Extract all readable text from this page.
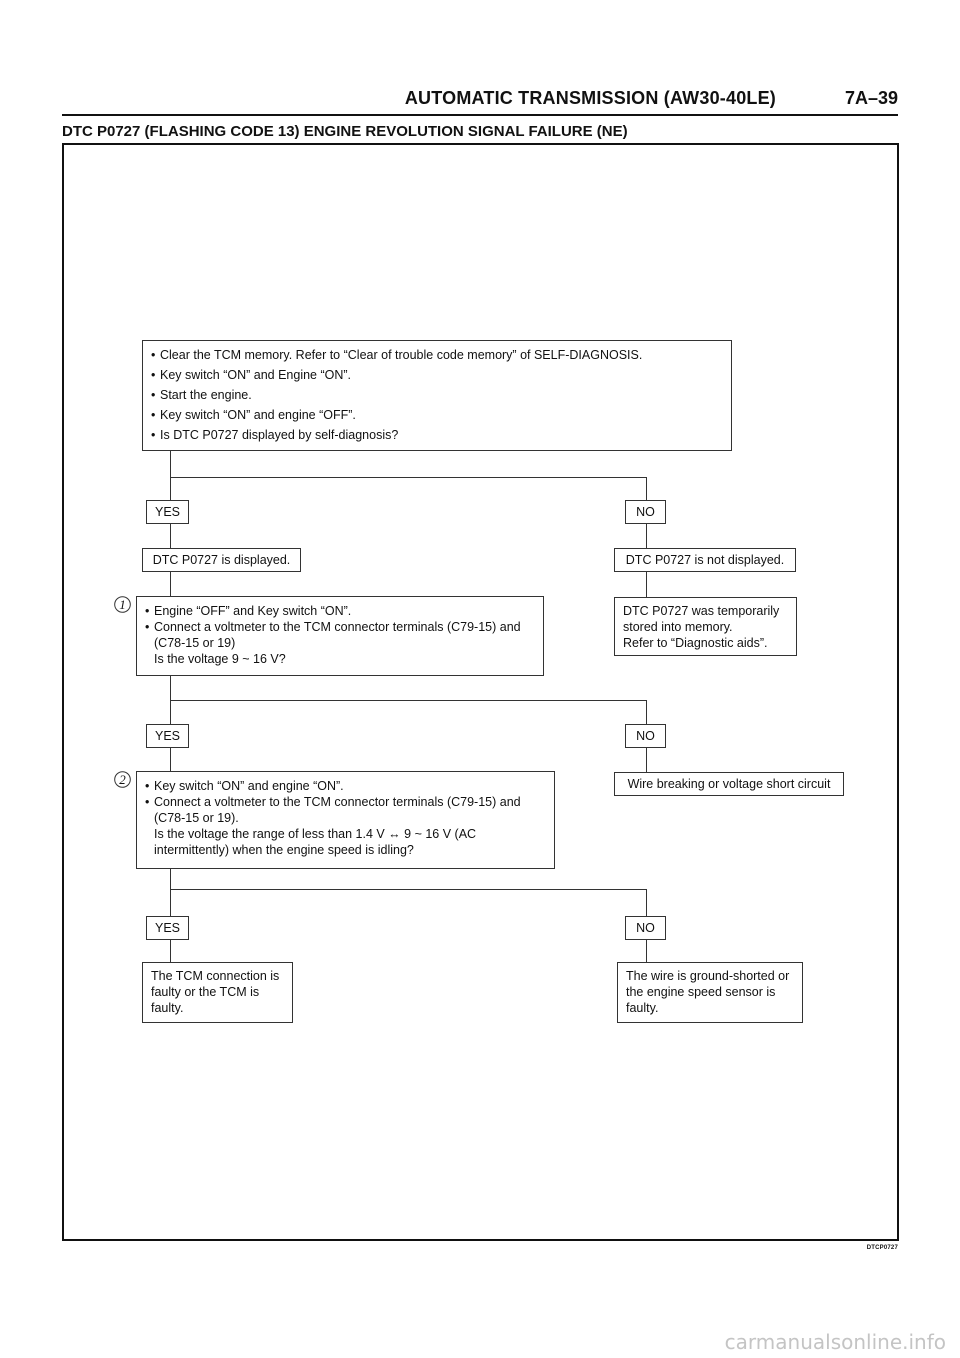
AUTOMATIC TRANSMISSION (AW30-40LE)	7A–39
DTC P0727 (FLASHING CODE 13) ENGINE REVOLUTION SIGNAL FAILURE (NE)
• Clear the TCM memory. Refer to “Clear of trouble code memory” of SELF-DIAGNOSIS.
• Key switch “ON” and Engine “ON”.
• Start the engine.
• Key switch “ON” and engine “OFF”.
• Is DTC P0727 displayed by self-diagnosis?
YES	NO
DTC P0727 is displayed.	DTC P0727 is not displayed.
1	• Engine “OFF” and Key switch “ON”.
• Connect a voltmeter to the TCM connector terminals (C79-15) and
(C78-15 or 19)
Is the voltage 9 ~ 16 V?
DTC P0727 was temporarily
stored into memory.
Refer to “Diagnostic aids”.
YES	NO
2	• Key switch “ON” and engine “ON”.
• Connect a voltmeter to the TCM connector terminals (C79-15) and
(C78-15 or 19).
Is the voltage the range of less than 1.4 V ↔ 9 ~ 16 V (AC
intermittently) when the engine speed is idling?
Wire breaking or voltage short circuit
YES	NO
The TCM connection is
faulty or the TCM is
faulty.
The wire is ground-shorted or
the engine speed sensor is
faulty.
DTCP0727
carmanualsonline.info
